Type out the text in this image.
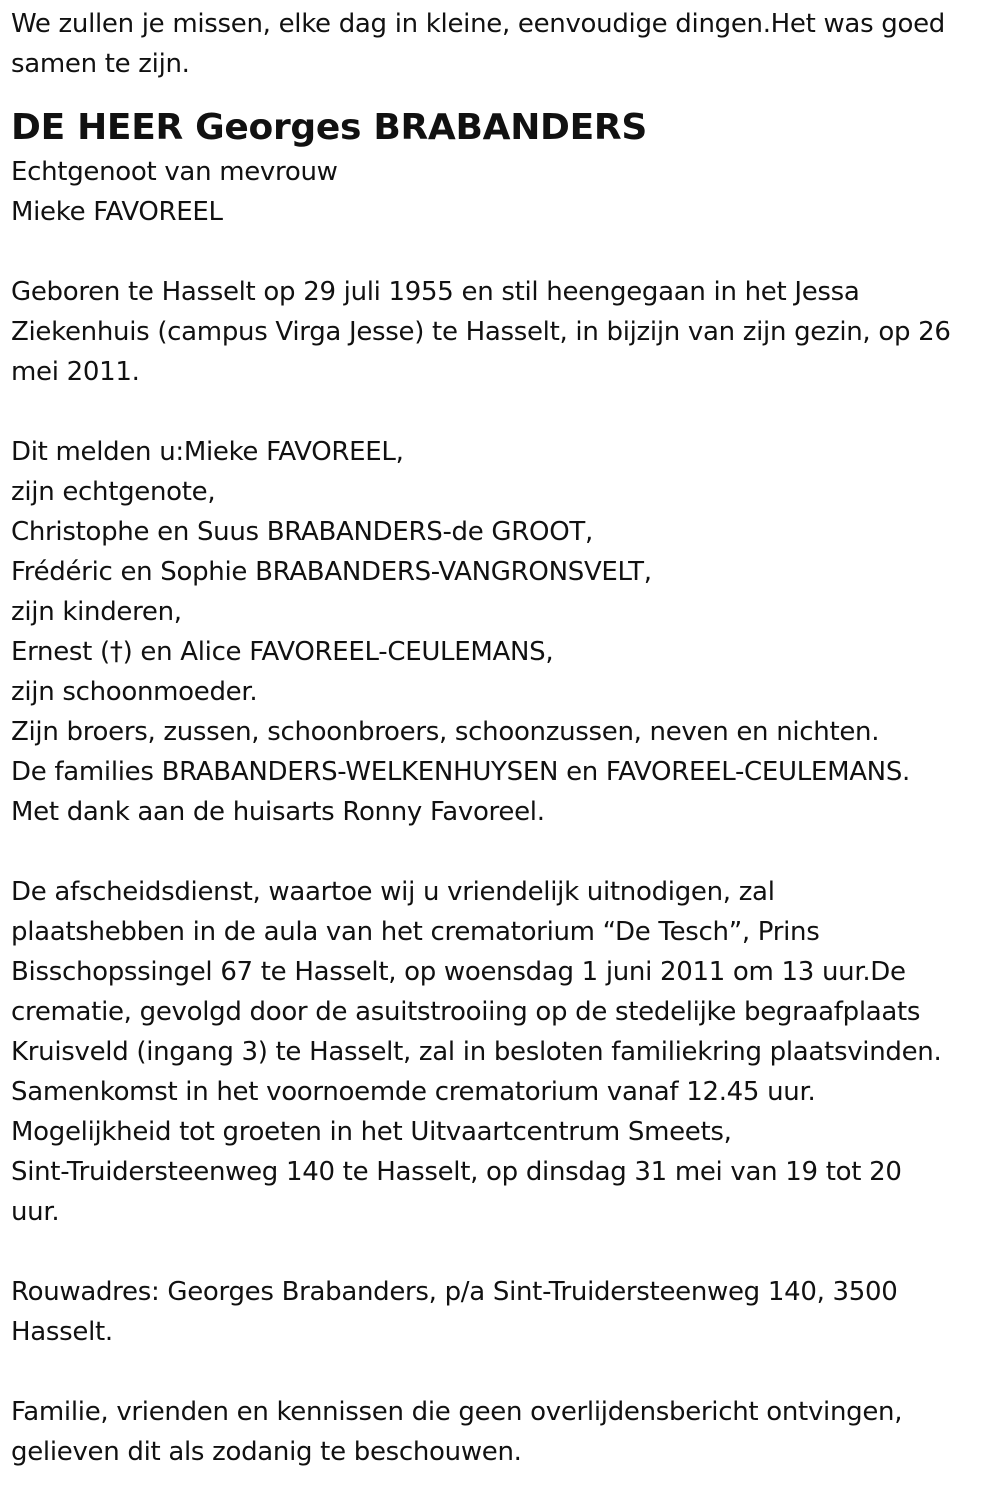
We zullen je missen, elke dag in kleine, eenvoudige dingen.Het was goed
samen te zijn.
DE HEER Georges BRABANDERS
Echtgenoot van mevrouw
Mieke FAVOREEL
Geboren te Hasselt op 29 juli 1955 en stil heengegaan in het Jessa
Ziekenhuis (campus Virga Jesse) te Hasselt, in bijzijn van zijn gezin, op 26
mei 2011.
Dit melden u:Mieke FAVOREEL,
zijn echtgenote,
Christophe en Suus BRABANDERS-de GROOT,
Frédéric en Sophie BRABANDERS-VANGRONSVELT,
zijn kinderen,
Ernest (†) en Alice FAVOREEL-CEULEMANS,
zijn schoonmoeder.
Zijn broers, zussen, schoonbroers, schoonzussen, neven en nichten.
De families BRABANDERS-WELKENHUYSEN en FAVOREEL-CEULEMANS.
Met dank aan de huisarts Ronny Favoreel.
De afscheidsdienst, waartoe wij u vriendelijk uitnodigen, zal
plaatshebben in de aula van het crematorium “De Tesch”, Prins
Bisschopssingel 67 te Hasselt, op woensdag 1 juni 2011 om 13 uur.De
crematie, gevolgd door de asuitstrooiing op de stedelijke begraafplaats
Kruisveld (ingang 3) te Hasselt, zal in besloten familiekring plaatsvinden.
Samenkomst in het voornoemde crematorium vanaf 12.45 uur.
Mogelijkheid tot groeten in het Uitvaartcentrum Smeets,
Sint-Truidersteenweg 140 te Hasselt, op dinsdag 31 mei van 19 tot 20
uur.
Rouwadres: Georges Brabanders, p/a Sint-Truidersteenweg 140, 3500
Hasselt.
Familie, vrienden en kennissen die geen overlijdensbericht ontvingen,
gelieven dit als zodanig te beschouwen.
